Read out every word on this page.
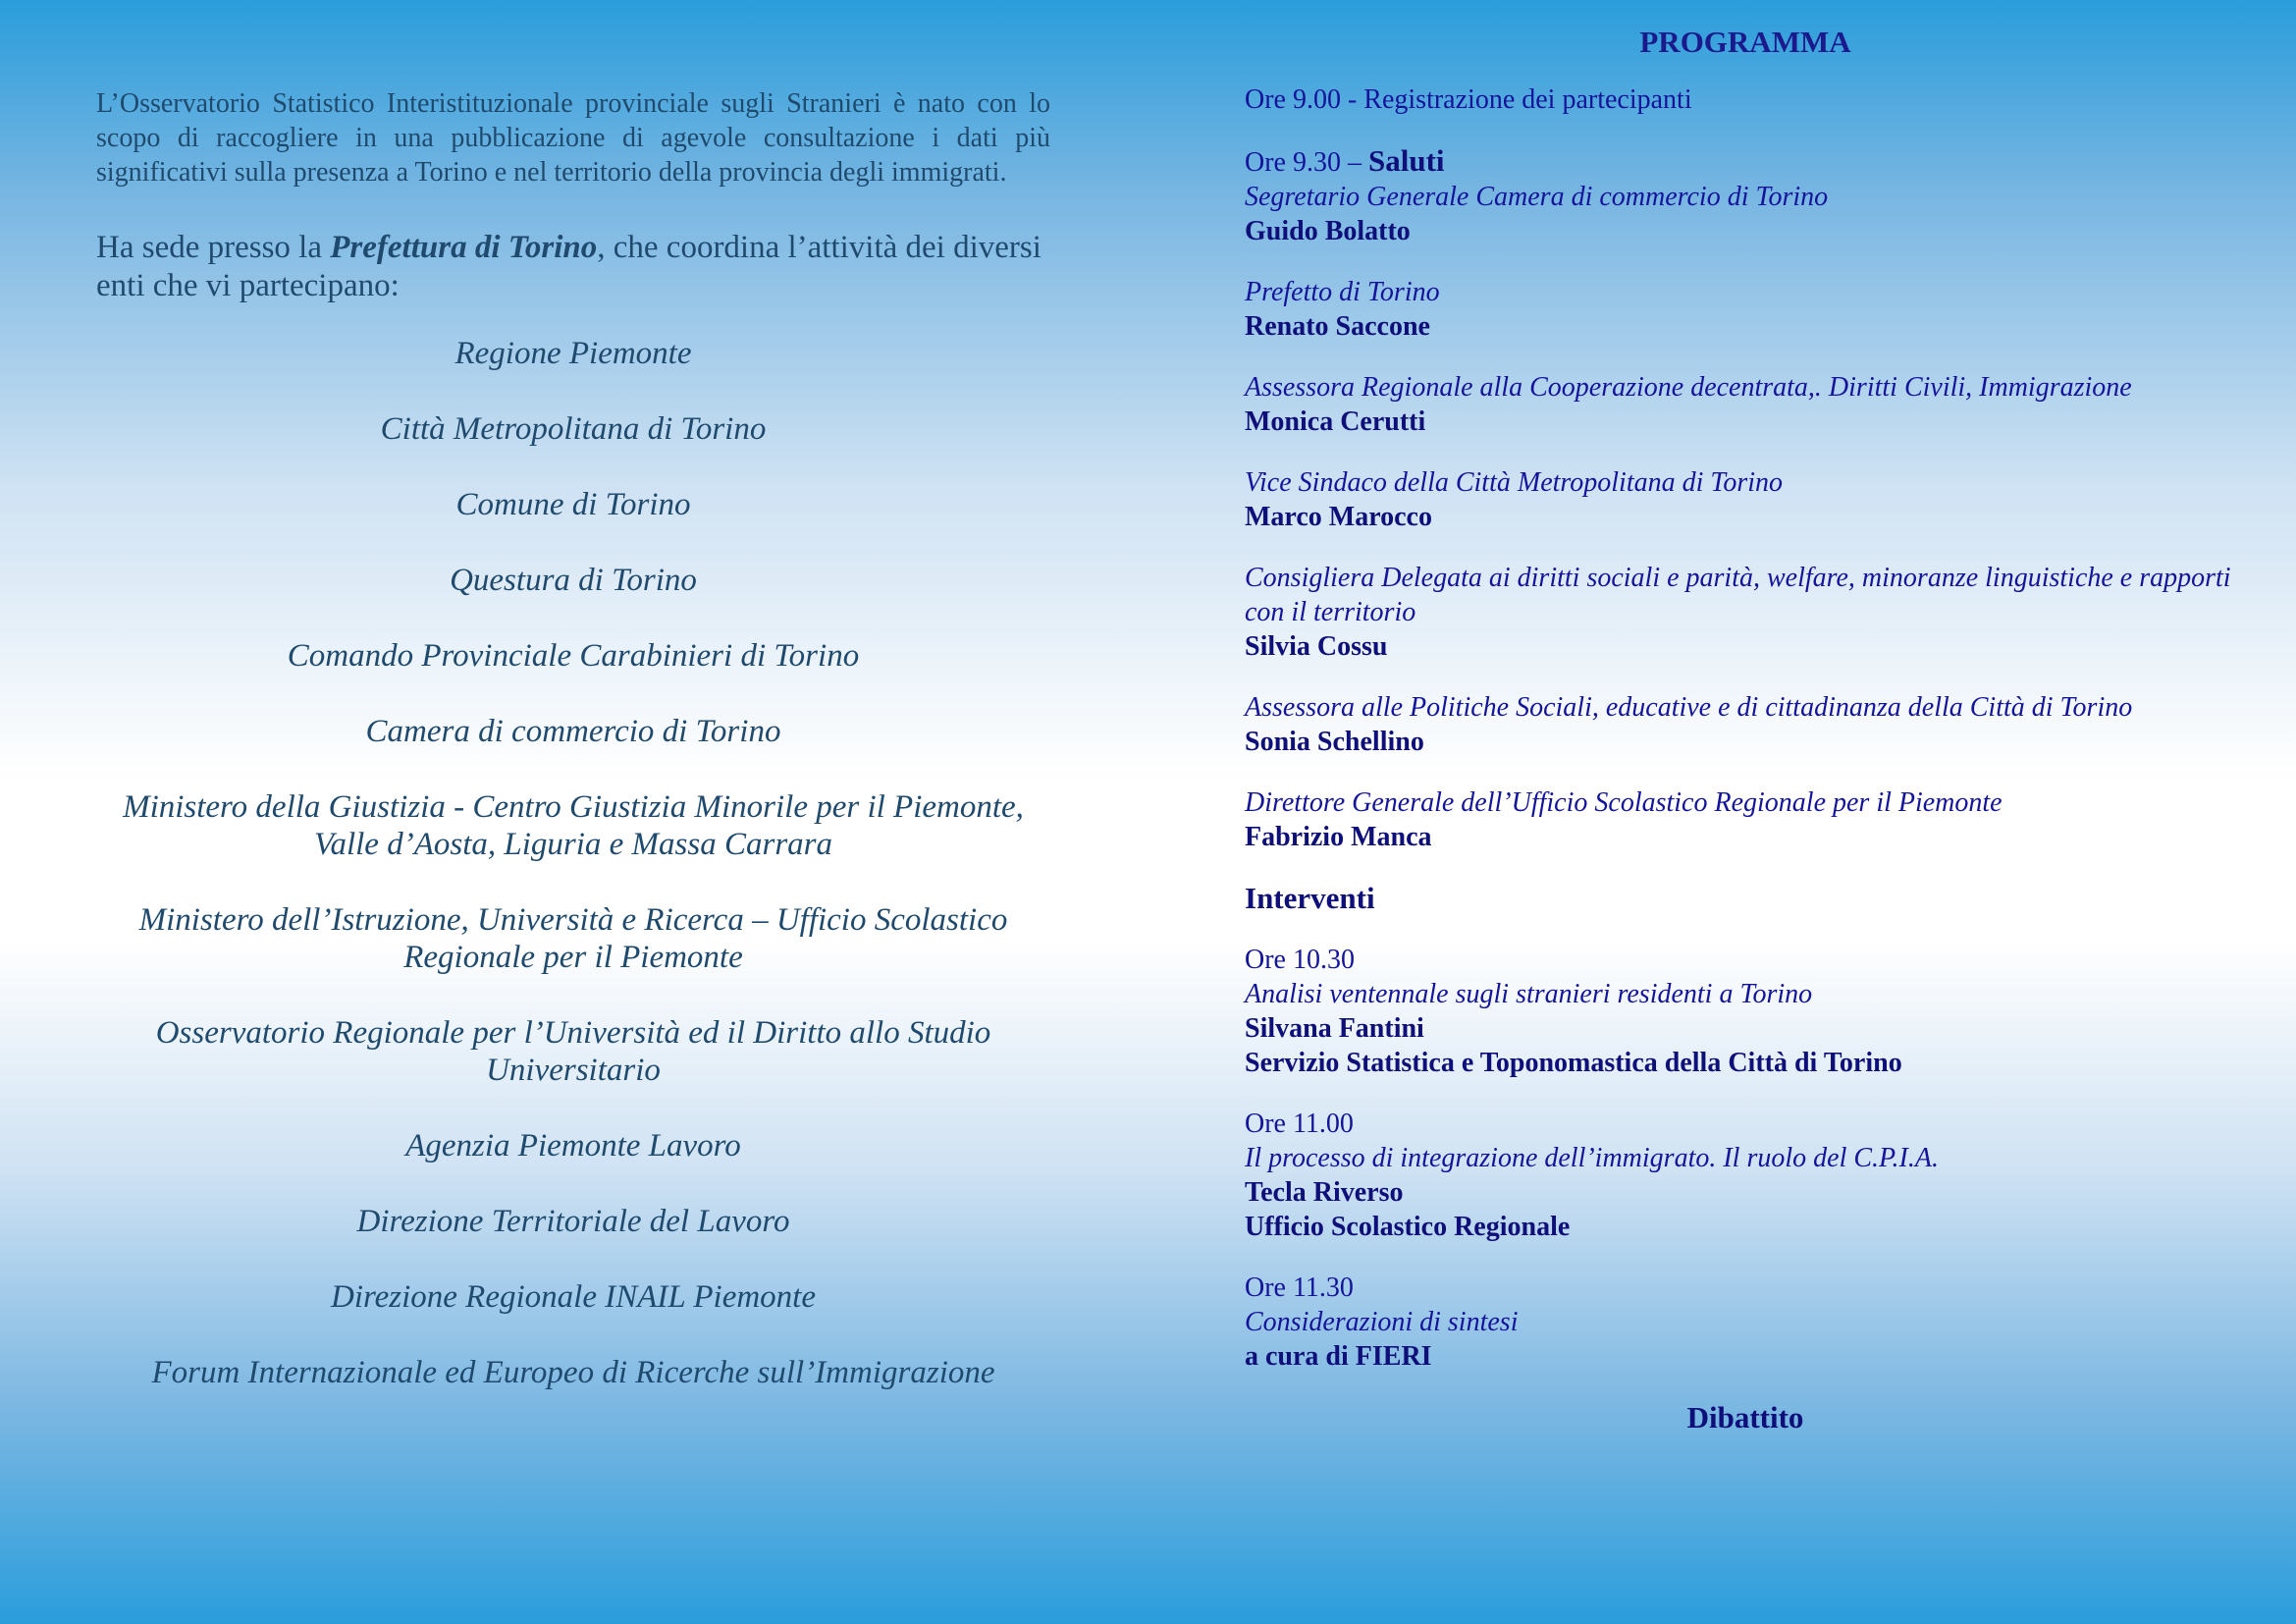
L’Osservatorio Statistico Interistituzionale provinciale sugli Stranieri è nato con lo scopo di raccogliere in una pubblicazione di agevole consultazione i dati più significativi sulla presenza a Torino e nel territorio della provincia degli immigrati.

Ha sede presso la Prefettura di Torino, che coordina l’attività dei diversi enti che vi partecipano:

Regione Piemonte
Città Metropolitana di Torino
Comune di Torino
Questura di Torino
Comando Provinciale Carabinieri di Torino
Camera di commercio di Torino
Ministero della Giustizia - Centro Giustizia Minorile per il Piemonte, Valle d’Aosta, Liguria e Massa Carrara
Ministero dell’Istruzione, Università e Ricerca – Ufficio Scolastico Regionale per il Piemonte
Osservatorio Regionale per l’Università ed il Diritto allo Studio Universitario
Agenzia Piemonte Lavoro
Direzione Territoriale del Lavoro
Direzione Regionale INAIL Piemonte
Forum Internazionale ed Europeo di Ricerche sull’Immigrazione
PROGRAMMA
Ore 9.00 - Registrazione dei partecipanti
Ore 9.30 – Saluti
Segretario Generale Camera di commercio di Torino
Guido Bolatto
Prefetto di Torino
Renato Saccone
Assessora Regionale alla Cooperazione decentrata,. Diritti Civili, Immigrazione
Monica Cerutti
Vice Sindaco della Città Metropolitana di Torino
Marco Marocco
Consigliera Delegata ai diritti sociali e parità, welfare, minoranze linguistiche e rapporti con il territorio
Silvia Cossu
Assessora alle Politiche Sociali, educative e di cittadinanza della Città di Torino
Sonia Schellino
Direttore Generale dell’Ufficio Scolastico Regionale per il Piemonte
Fabrizio Manca
Interventi
Ore 10.30
Analisi ventennale sugli stranieri residenti a Torino
Silvana Fantini
Servizio Statistica e Toponomastica della Città di Torino
Ore 11.00
Il processo di integrazione dell’immigrato. Il ruolo del C.P.I.A.
Tecla Riverso
Ufficio Scolastico Regionale
Ore 11.30
Considerazioni di sintesi
a cura di FIERI
Dibattito
